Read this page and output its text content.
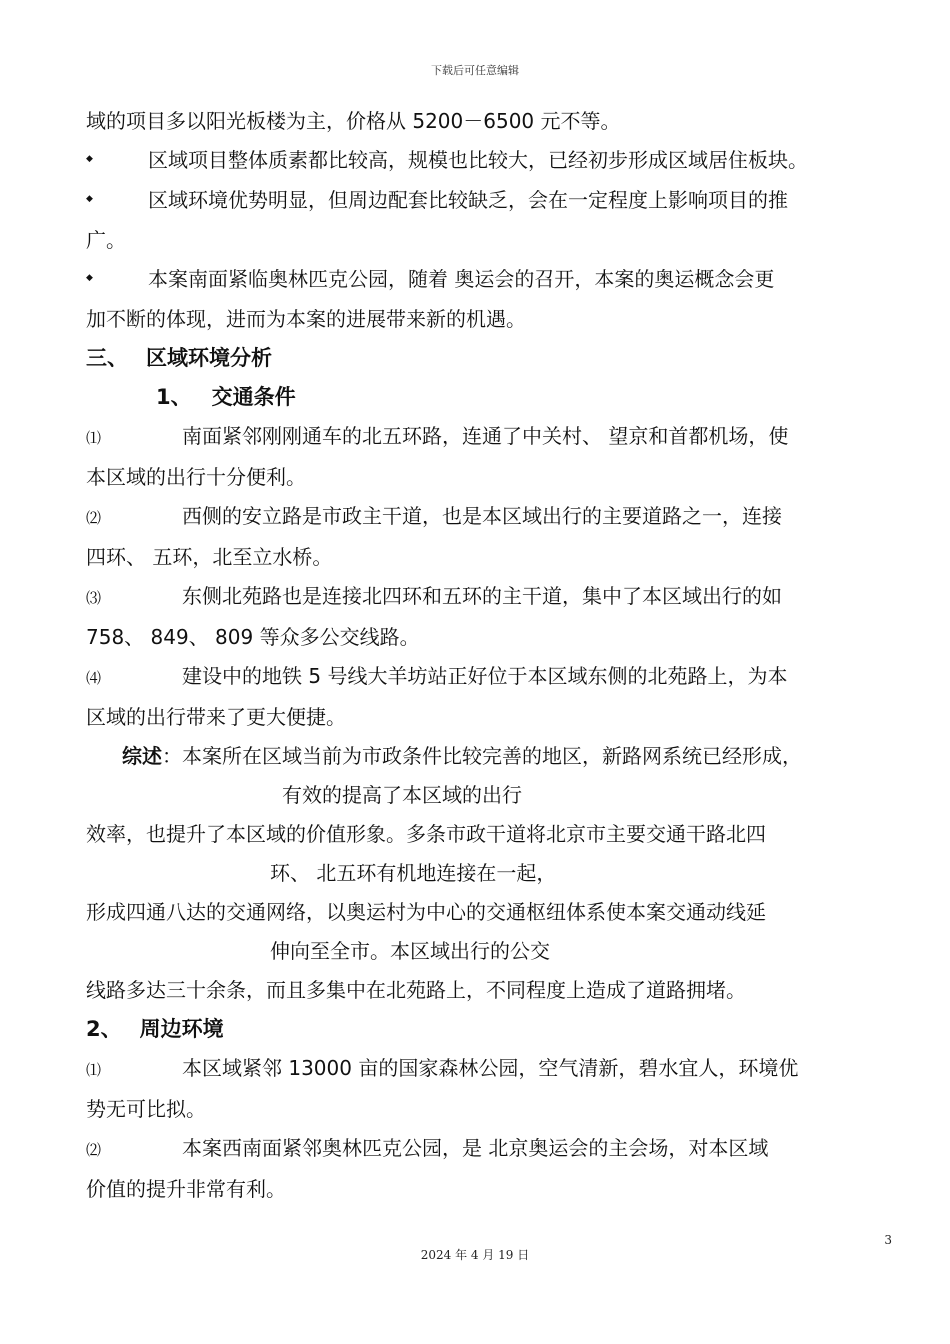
下载后可任意编辑

域的项目多以阳光板楼为主，价格从 5200－6500 元不等。

◆	区域项目整体质素都比较高，规模也比较大，已经初步形成区域居住板块。

◆	区域环境优势明显，但周边配套比较缺乏，会在一定程度上影响项目的推

广。

◆	本案南面紧临奥林匹克公园，随着 奥运会的召开，本案的奥运概念会更

加不断的体现，进而为本案的进展带来新的机遇。

三、 区域环境分析

1、 交通条件

⑴	南面紧邻刚刚通车的北五环路，连通了中关村、 望京和首都机场，使

本区域的出行十分便利。

⑵	西侧的安立路是市政主干道，也是本区域出行的主要道路之一，连接

四环、 五环，北至立水桥。

⑶	东侧北苑路也是连接北四环和五环的主干道，集中了本区域出行的如

758、 849、 809 等众多公交线路。

⑷	建设中的地铁 5 号线大羊坊站正好位于本区域东侧的北苑路上，为本

区域的出行带来了更大便捷。

综述：本案所在区域当前为市政条件比较完善的地区，新路网系统已经形成，

有效的提高了本区域的出行

效率，也提升了本区域的价值形象。多条市政干道将北京市主要交通干路北四

环、 北五环有机地连接在一起，

形成四通八达的交通网络，以奥运村为中心的交通枢纽体系使本案交通动线延

伸向至全市。本区域出行的公交

线路多达三十余条，而且多集中在北苑路上，不同程度上造成了道路拥堵。

2、 周边环境

⑴	本区域紧邻 13000 亩的国家森林公园，空气清新，碧水宜人，环境优

势无可比拟。

⑵	本案西南面紧邻奥林匹克公园，是 北京奥运会的主会场，对本区域

价值的提升非常有利。

3
2024 年 4 月 19 日
